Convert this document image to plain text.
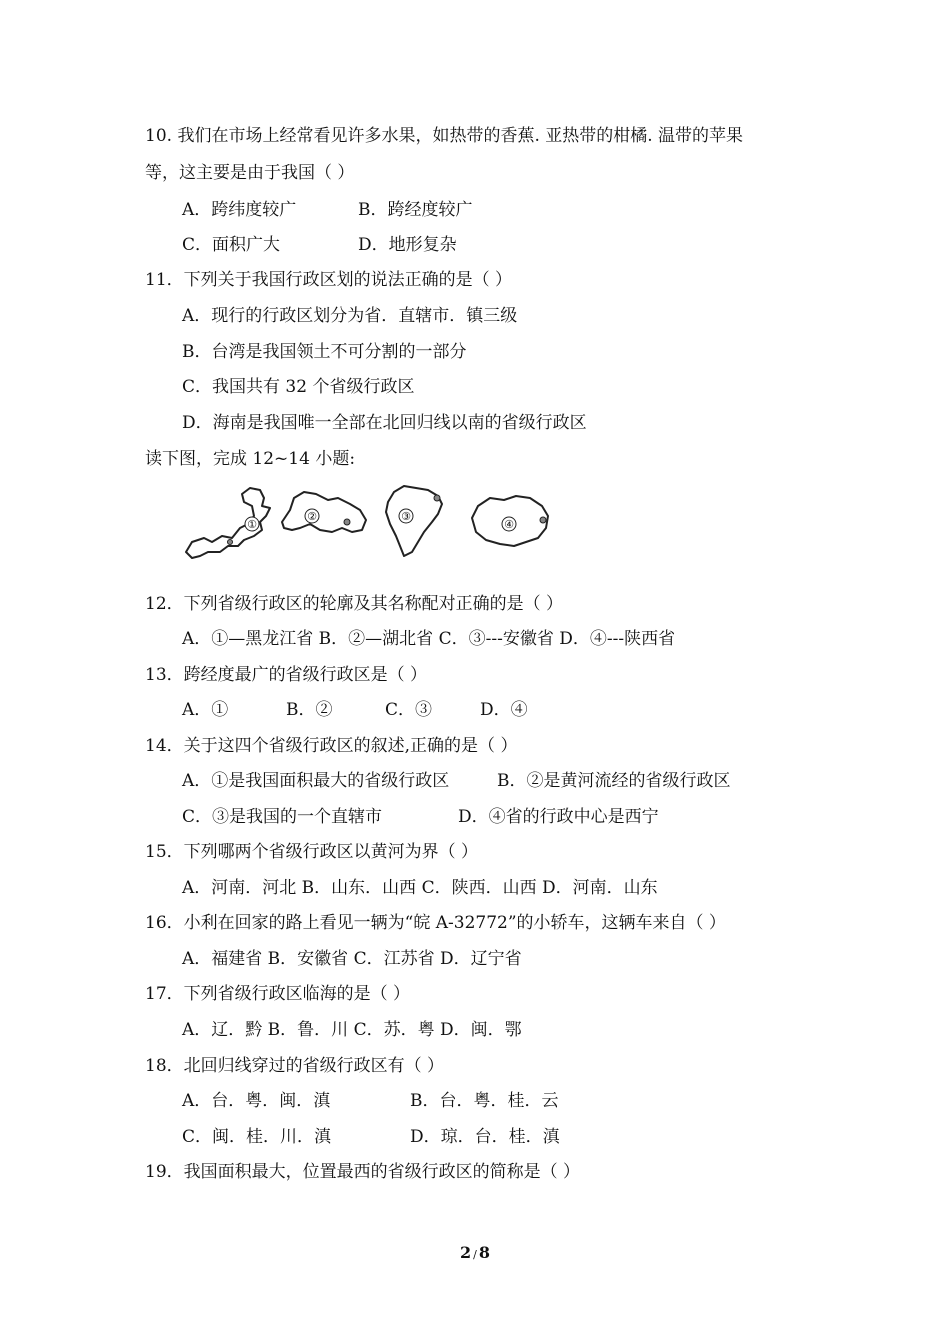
10. 我们在市场上经常看见许多水果，如热带的香蕉. 亚热带的柑橘. 温带的苹果
等，这主要是由于我国（ ）
A．跨纬度较广	B．跨经度较广
C．面积广大	D．地形复杂
11．下列关于我国行政区划的说法正确的是（ ）
A．现行的行政区划分为省．直辖市．镇三级
B．台湾是我国领土不可分割的一部分
C．我国共有 32 个省级行政区
D．海南是我国唯一全部在北回归线以南的省级行政区
读下图，完成 12~14 小题:
①
②	③
④
12．下列省级行政区的轮廓及其名称配对正确的是（ ）
A．①—黑龙江省 B．②—湖北省 C．③---安徽省 D．④---陕西省
13．跨经度最广的省级行政区是（ ）
A．①	B．②	C．③	D．④
14．关于这四个省级行政区的叙述,正确的是（ ）
A．①是我国面积最大的省级行政区	B．②是黄河流经的省级行政区
C．③是我国的一个直辖市	D．④省的行政中心是西宁
15．下列哪两个省级行政区以黄河为界（ ）
A．河南．河北 B．山东．山西 C．陕西．山西 D．河南．山东
16．小利在回家的路上看见一辆为“皖 A-32772”的小轿车，这辆车来自（ ）
A．福建省 B．安徽省 C．江苏省 D．辽宁省
17．下列省级行政区临海的是（ ）
A．辽．黔 B．鲁．川 C．苏．粤 D．闽．鄂
18．北回归线穿过的省级行政区有（ ）
A．台．粤．闽．滇	B．台．粤．桂．云
C．闽．桂．川．滇	D．琼．台．桂．滇
19．我国面积最大，位置最西的省级行政区的简称是（ ）
2 / 8
